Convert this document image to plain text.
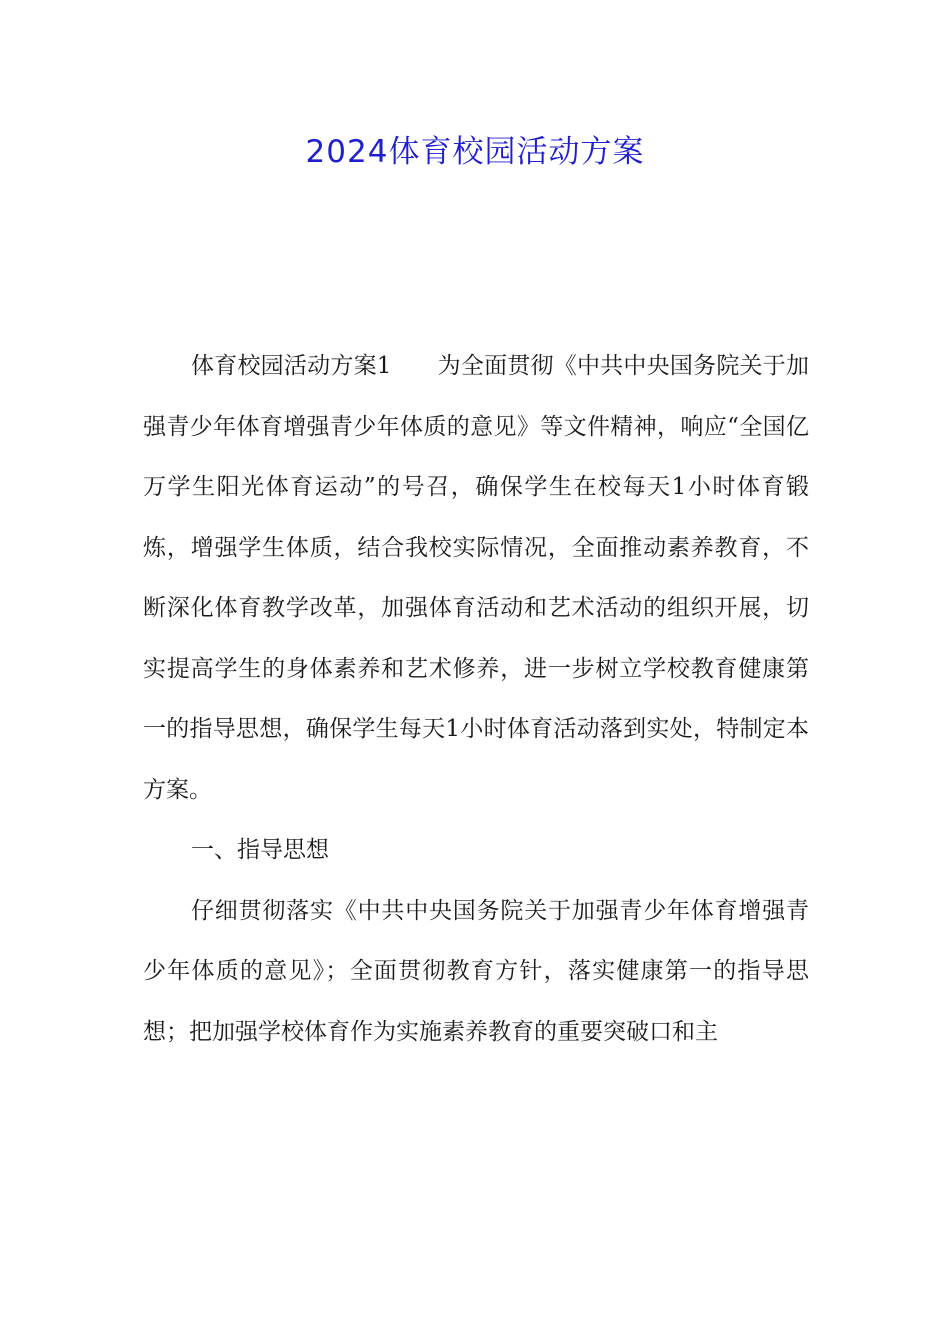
2024体育校园活动方案

体育校园活动方案1 为全面贯彻《中共中央国务院关于加强青少年体育增强青少年体质的意见》等文件精神，响应“全国亿万学生阳光体育运动”的号召，确保学生在校每天1小时体育锻炼，增强学生体质，结合我校实际情况，全面推动素养教育，不断深化体育教学改革，加强体育活动和艺术活动的组织开展，切实提高学生的身体素养和艺术修养，进一步树立学校教育健康第一的指导思想，确保学生每天1小时体育活动落到实处，特制定本方案。

一、指导思想

仔细贯彻落实《中共中央国务院关于加强青少年体育增强青少年体质的意见》；全面贯彻教育方针，落实健康第一的指导思想；把加强学校体育作为实施素养教育的重要突破口和主
